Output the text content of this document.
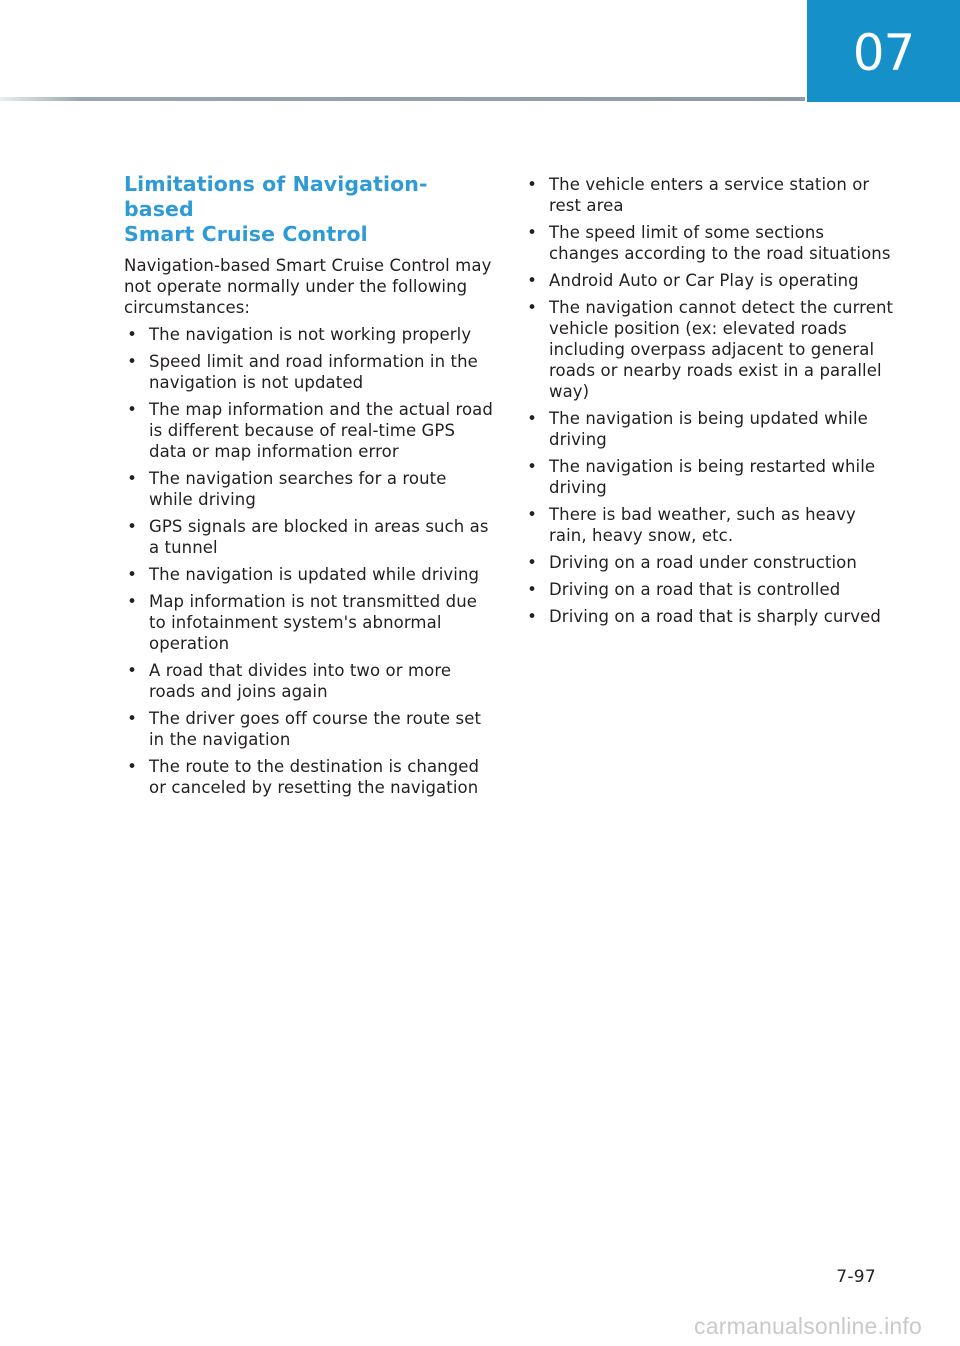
07
Limitations of Navigation-based
Smart Cruise Control

Navigation-based Smart Cruise Control may not operate normally under the following circumstances:

• The navigation is not working properly
• Speed limit and road information in the navigation is not updated
• The map information and the actual road is different because of real-time GPS data or map information error
• The navigation searches for a route while driving
• GPS signals are blocked in areas such as a tunnel
• The navigation is updated while driving
• Map information is not transmitted due to infotainment system's abnormal operation
• A road that divides into two or more roads and joins again
• The driver goes off course the route set in the navigation
• The route to the destination is changed or canceled by resetting the navigation
• The vehicle enters a service station or rest area
• The speed limit of some sections changes according to the road situations
• Android Auto or Car Play is operating
• The navigation cannot detect the current vehicle position (ex: elevated roads including overpass adjacent to general roads or nearby roads exist in a parallel way)
• The navigation is being updated while driving
• The navigation is being restarted while driving
• There is bad weather, such as heavy rain, heavy snow, etc.
• Driving on a road under construction
• Driving on a road that is controlled
• Driving on a road that is sharply curved
7-97
carmanualsonline.info
